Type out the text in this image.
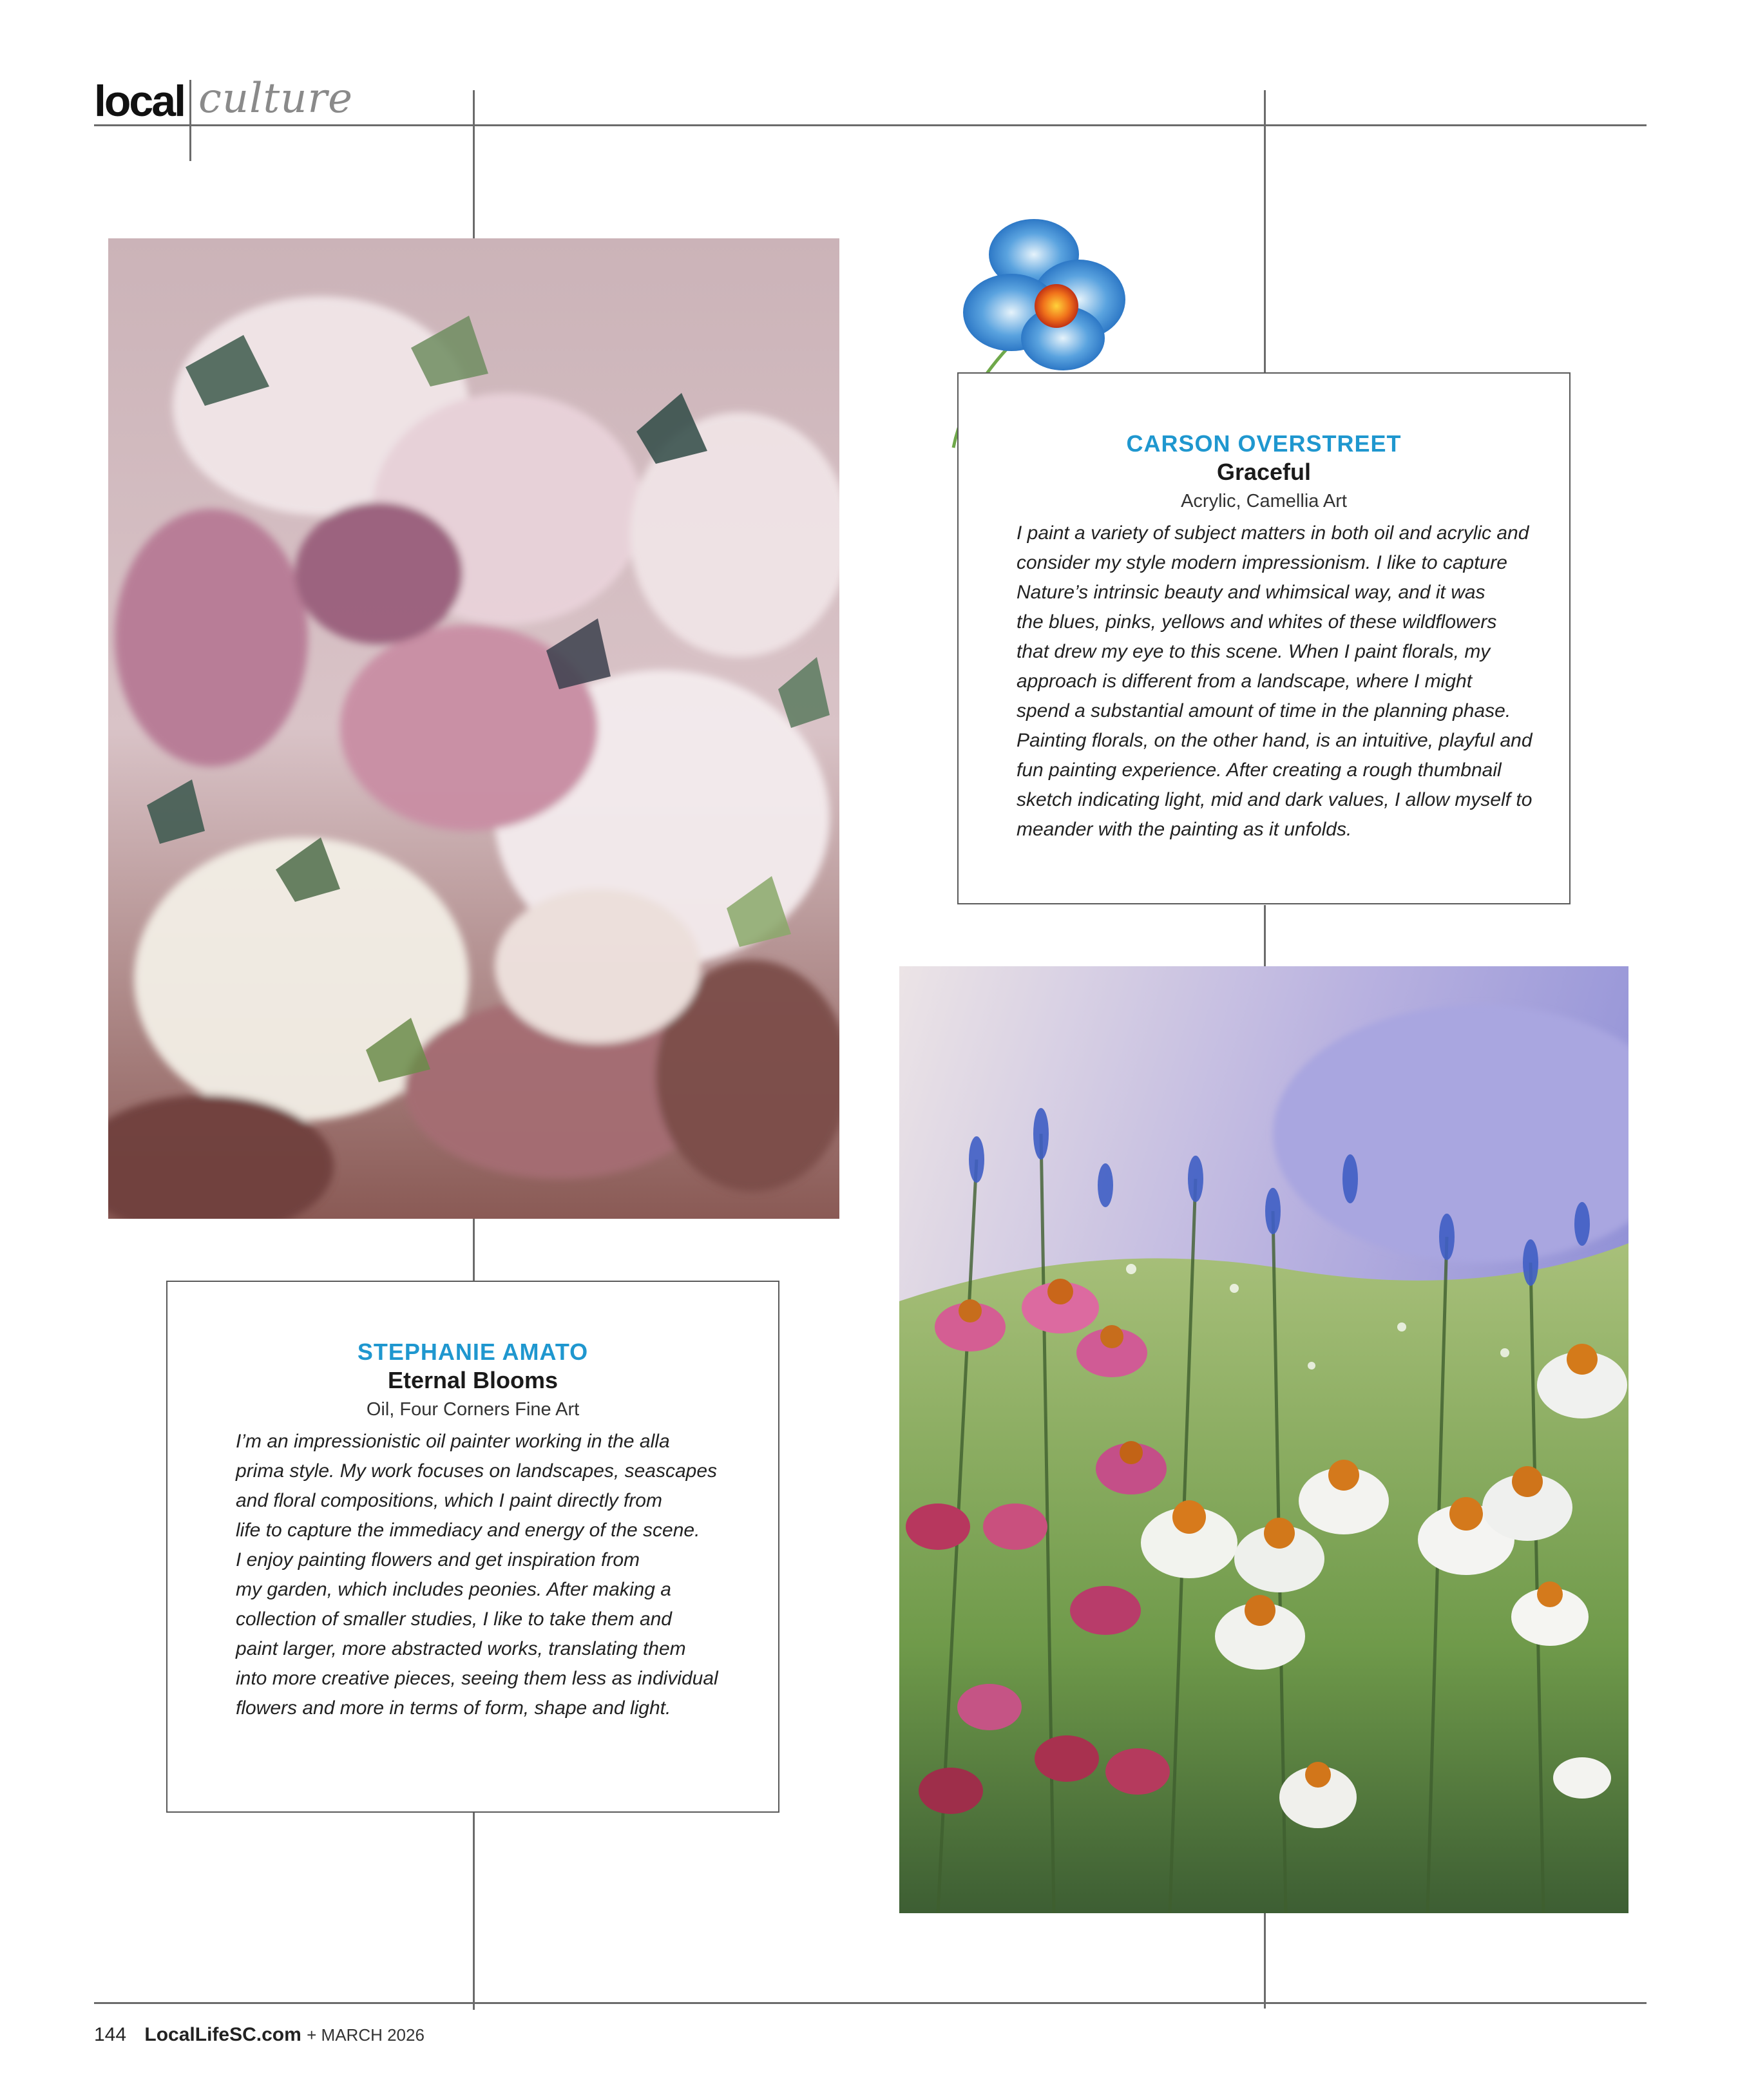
local culture
CARSON OVERSTREET
Graceful
Acrylic, Camellia Art
I paint a variety of subject matters in both oil and acrylic and
consider my style modern impressionism. I like to capture
Nature’s intrinsic beauty and whimsical way, and it was
the blues, pinks, yellows and whites of these wildflowers
that drew my eye to this scene. When I paint florals, my
approach is different from a landscape, where I might
spend a substantial amount of time in the planning phase.
Painting florals, on the other hand, is an intuitive, playful and
fun painting experience. After creating a rough thumbnail
sketch indicating light, mid and dark values, I allow myself to
meander with the painting as it unfolds.
STEPHANIE AMATO
Eternal Blooms
Oil, Four Corners Fine Art
I’m an impressionistic oil painter working in the alla
prima style. My work focuses on landscapes, seascapes
and floral compositions, which I paint directly from
life to capture the immediacy and energy of the scene.
I enjoy painting flowers and get inspiration from
my garden, which includes peonies. After making a
collection of smaller studies, I like to take them and
paint larger, more abstracted works, translating them
into more creative pieces, seeing them less as individual
flowers and more in terms of form, shape and light.
144 LocalLifeSC.com + MARCH 2026
